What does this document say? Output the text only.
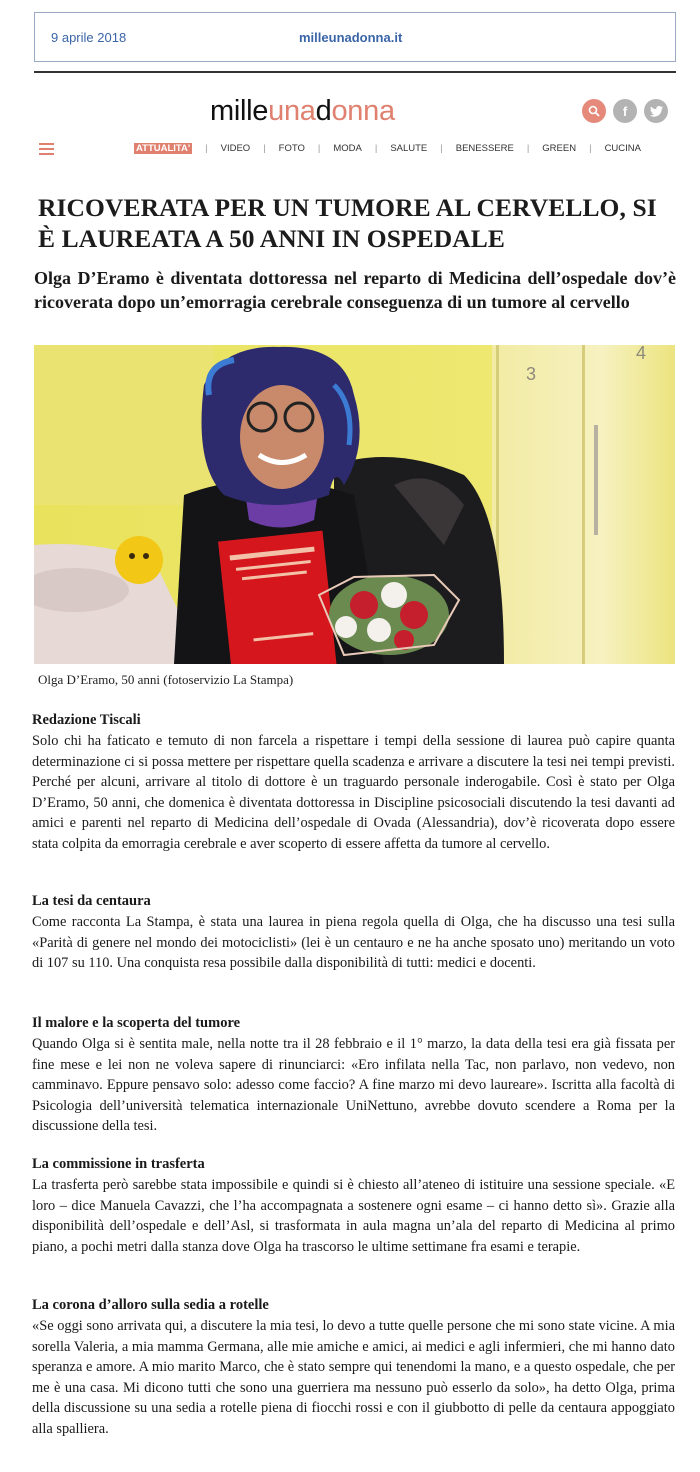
9 aprile 2018	milleunadonna.it
milleunadonna	f
ATTUALITA' | VIDEO | FOTO | MODA | SALUTE | BENESSERE | GREEN | CUCINA
RICOVERATA PER UN TUMORE AL CERVELLO, SI È LAUREATA A 50 ANNI IN OSPEDALE
Olga D’Eramo è diventata dottoressa nel reparto di Medicina dell’ospedale dov’è ricoverata dopo un’emorragia cerebrale conseguenza di un tumore al cervello
3
4
Olga D’Eramo, 50 anni (fotoservizio La Stampa)
Redazione Tiscali
Solo chi ha faticato e temuto di non farcela a rispettare i tempi della sessione di laurea può capire quanta determinazione ci si possa mettere per rispettare quella scadenza e arrivare a discutere la tesi nei tempi previsti. Perché per alcuni, arrivare al titolo di dottore è un traguardo personale inderogabile. Così è stato per Olga D’Eramo, 50 anni, che domenica è diventata dottoressa in Discipline psicosociali discutendo la tesi davanti ad amici e parenti nel reparto di Medicina dell’ospedale di Ovada (Alessandria), dov’è ricoverata dopo essere stata colpita da emorragia cerebrale e aver scoperto di essere affetta da tumore al cervello.
La tesi da centaura
Come racconta La Stampa, è stata una laurea in piena regola quella di Olga, che ha discusso una tesi sulla «Parità di genere nel mondo dei motociclisti» (lei è un centauro e ne ha anche sposato uno) meritando un voto di 107 su 110. Una conquista resa possibile dalla disponibilità di tutti: medici e docenti.
Il malore e la scoperta del tumore
Quando Olga si è sentita male, nella notte tra il 28 febbraio e il 1° marzo, la data della tesi era già fissata per fine mese e lei non ne voleva sapere di rinunciarci: «Ero infilata nella Tac, non parlavo, non vedevo, non camminavo. Eppure pensavo solo: adesso come faccio? A fine marzo mi devo laureare». Iscritta alla facoltà di Psicologia dell’università telematica internazionale UniNettuno, avrebbe dovuto scendere a Roma per la discussione della tesi.
La commissione in trasferta
La trasferta però sarebbe stata impossibile e quindi si è chiesto all’ateneo di istituire una sessione speciale. «E loro – dice Manuela Cavazzi, che l’ha accompagnata a sostenere ogni esame – ci hanno detto sì». Grazie alla disponibilità dell’ospedale e dell’Asl, si trasformata in aula magna un’ala del reparto di Medicina al primo piano, a pochi metri dalla stanza dove Olga ha trascorso le ultime settimane fra esami e terapie.
La corona d’alloro sulla sedia a rotelle
«Se oggi sono arrivata qui, a discutere la mia tesi, lo devo a tutte quelle persone che mi sono state vicine. A mia sorella Valeria, a mia mamma Germana, alle mie amiche e amici, ai medici e agli infermieri, che mi hanno dato speranza e amore. A mio marito Marco, che è stato sempre qui tenendomi la mano, e a questo ospedale, che per me è una casa. Mi dicono tutti che sono una guerriera ma nessuno può esserlo da solo», ha detto Olga, prima della discussione su una sedia a rotelle piena di fiocchi rossi e con il giubbotto di pelle da centaura appoggiato alla spalliera.
